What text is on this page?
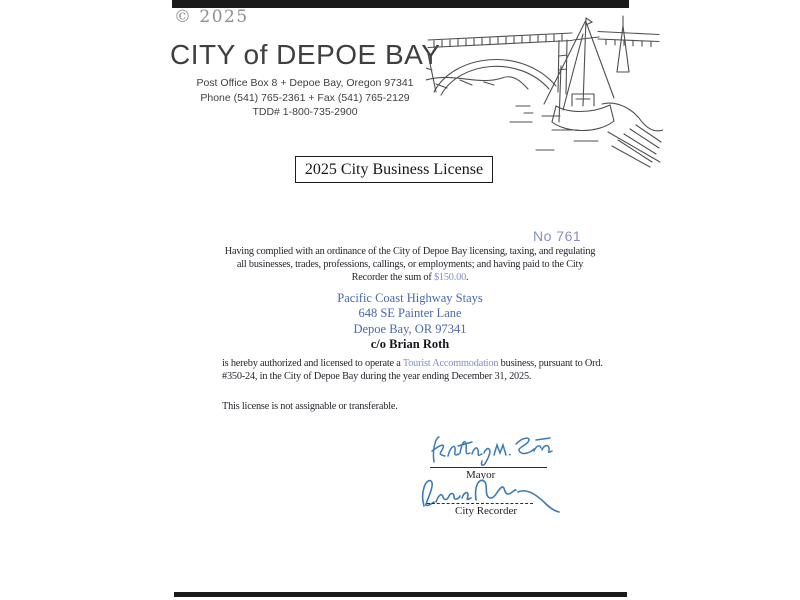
© 2025
CITY of DEPOE BAY
Post Office Box 8 + Depoe Bay, Oregon 97341
Phone (541) 765-2361 + Fax (541) 765-2129
TDD# 1-800-735-2900
2025 City Business License
No 761
Having complied with an ordinance of the City of Depoe Bay licensing, taxing, and regulating
all businesses, trades, professions, callings, or employments; and having paid to the City
Recorder the sum of $150.00.
Pacific Coast Highway Stays
648 SE Painter Lane
Depoe Bay, OR 97341
c/o Brian Roth
is hereby authorized and licensed to operate a Tourist Accommodation business, pursuant to Ord.
#350-24, in the City of Depoe Bay during the year ending December 31, 2025.
This license is not assignable or transferable.
Mayor
City Recorder
